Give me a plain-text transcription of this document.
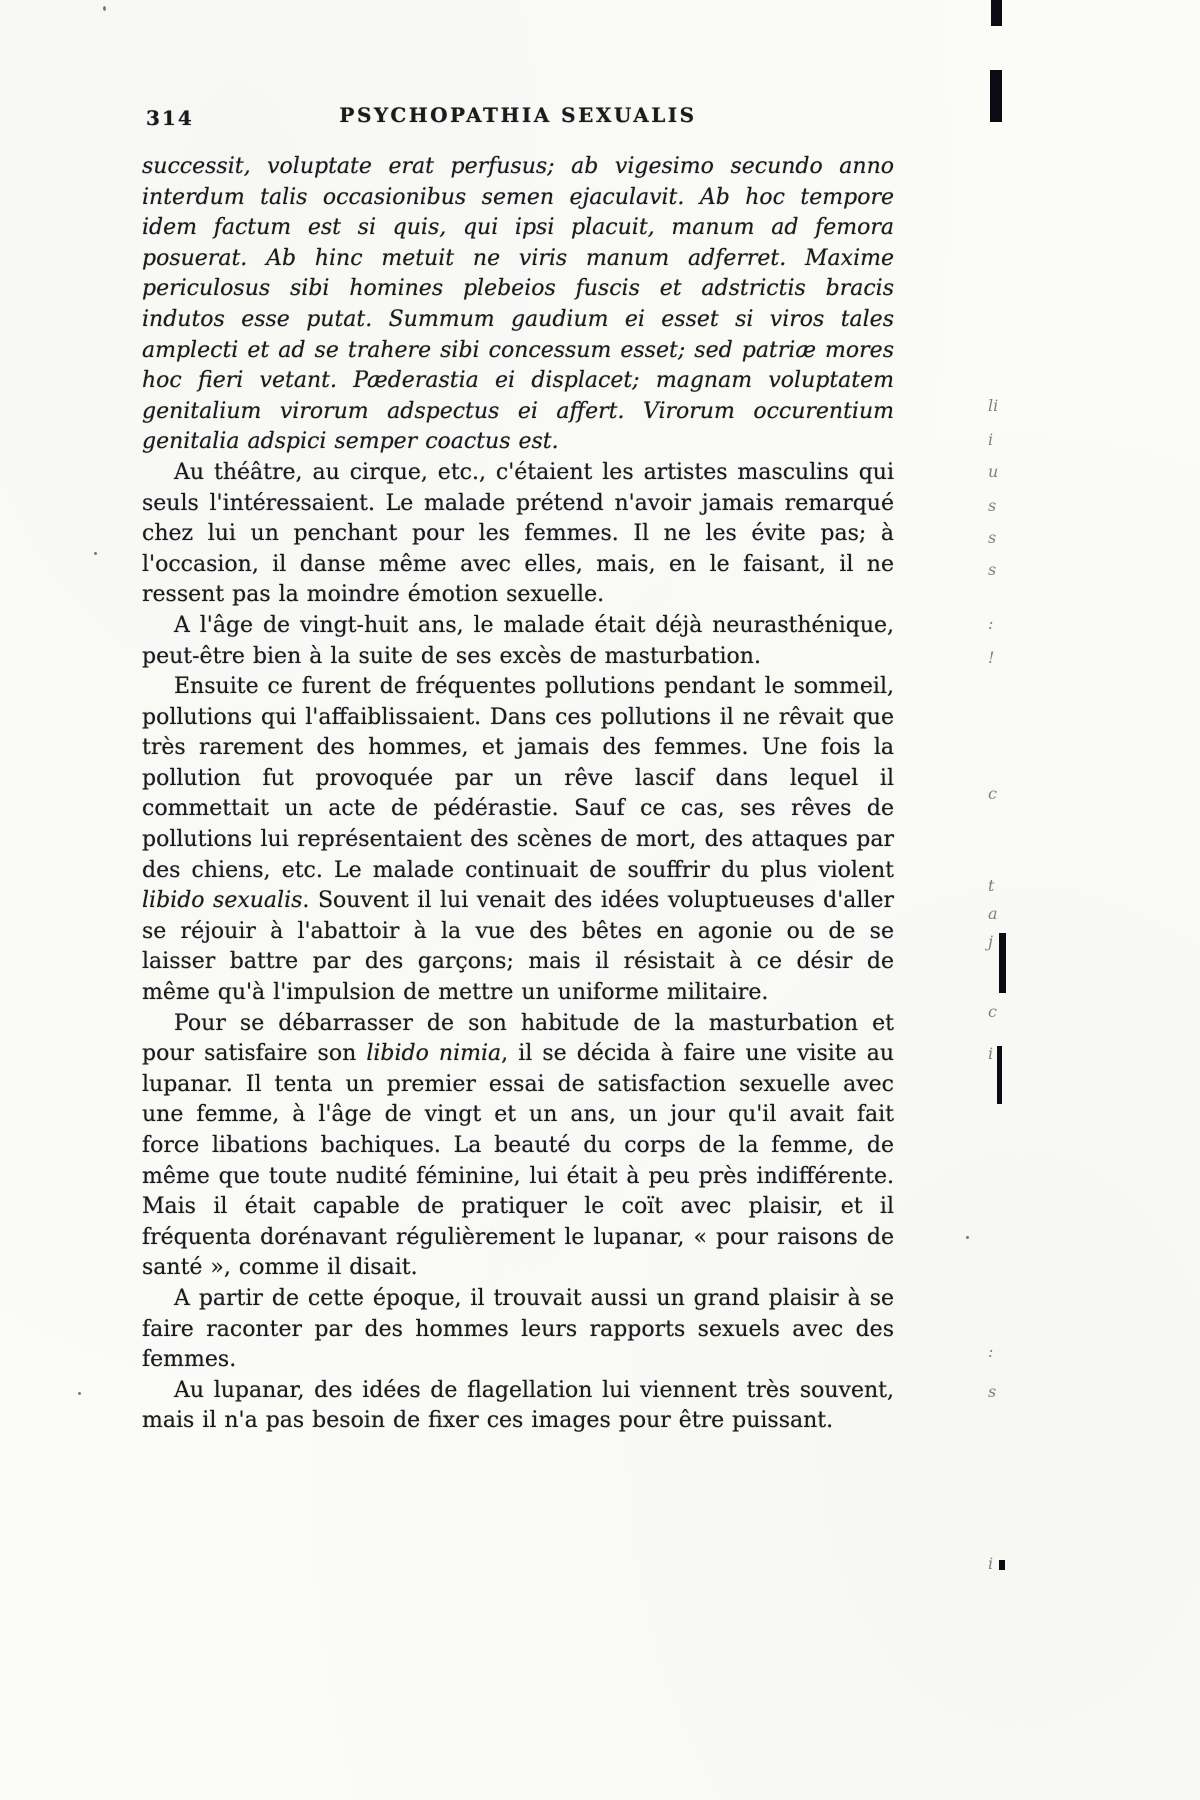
314	PSYCHOPATHIA SEXUALIS

successit, voluptate erat perfusus; ab vigesimo secundo anno interdum talis occasionibus semen ejaculavit. Ab hoc tempore idem factum est si quis, qui ipsi placuit, manum ad femora posuerat. Ab hinc metuit ne viris manum adferret. Maxime periculosus sibi homines plebeios fuscis et adstrictis bracis indutos esse putat. Summum gaudium ei esset si viros tales amplecti et ad se trahere sibi concessum esset; sed patriæ mores hoc fieri vetant. Pæderastia ei displacet; magnam voluptatem genitalium virorum adspectus ei affert. Virorum occurentium genitalia adspici semper coactus est.

Au théâtre, au cirque, etc., c'étaient les artistes masculins qui seuls l'intéressaient. Le malade prétend n'avoir jamais remarqué chez lui un penchant pour les femmes. Il ne les évite pas; à l'occasion, il danse même avec elles, mais, en le faisant, il ne ressent pas la moindre émotion sexuelle.

A l'âge de vingt-huit ans, le malade était déjà neurasthénique, peut-être bien à la suite de ses excès de masturbation.

Ensuite ce furent de fréquentes pollutions pendant le sommeil, pollutions qui l'affaiblissaient. Dans ces pollutions il ne rêvait que très rarement des hommes, et jamais des femmes. Une fois la pollution fut provoquée par un rêve lascif dans lequel il commettait un acte de pédérastie. Sauf ce cas, ses rêves de pollutions lui représentaient des scènes de mort, des attaques par des chiens, etc. Le malade continuait de souffrir du plus violent libido sexualis. Souvent il lui venait des idées voluptueuses d'aller se réjouir à l'abattoir à la vue des bêtes en agonie ou de se laisser battre par des garçons; mais il résistait à ce désir de même qu'à l'impulsion de mettre un uniforme militaire.

Pour se débarrasser de son habitude de la masturbation et pour satisfaire son libido nimia, il se décida à faire une visite au lupanar. Il tenta un premier essai de satisfaction sexuelle avec une femme, à l'âge de vingt et un ans, un jour qu'il avait fait force libations bachiques. La beauté du corps de la femme, de même que toute nudité féminine, lui était à peu près indifférente. Mais il était capable de pratiquer le coït avec plaisir, et il fréquenta dorénavant régulièrement le lupanar, « pour raisons de santé », comme il disait.

A partir de cette époque, il trouvait aussi un grand plaisir à se faire raconter par des hommes leurs rapports sexuels avec des femmes.

Au lupanar, des idées de flagellation lui viennent très souvent, mais il n'a pas besoin de fixer ces images pour être puissant.

li
i
u
s
s
s
:
!
c
t
a
j
c
i
:
s
i
